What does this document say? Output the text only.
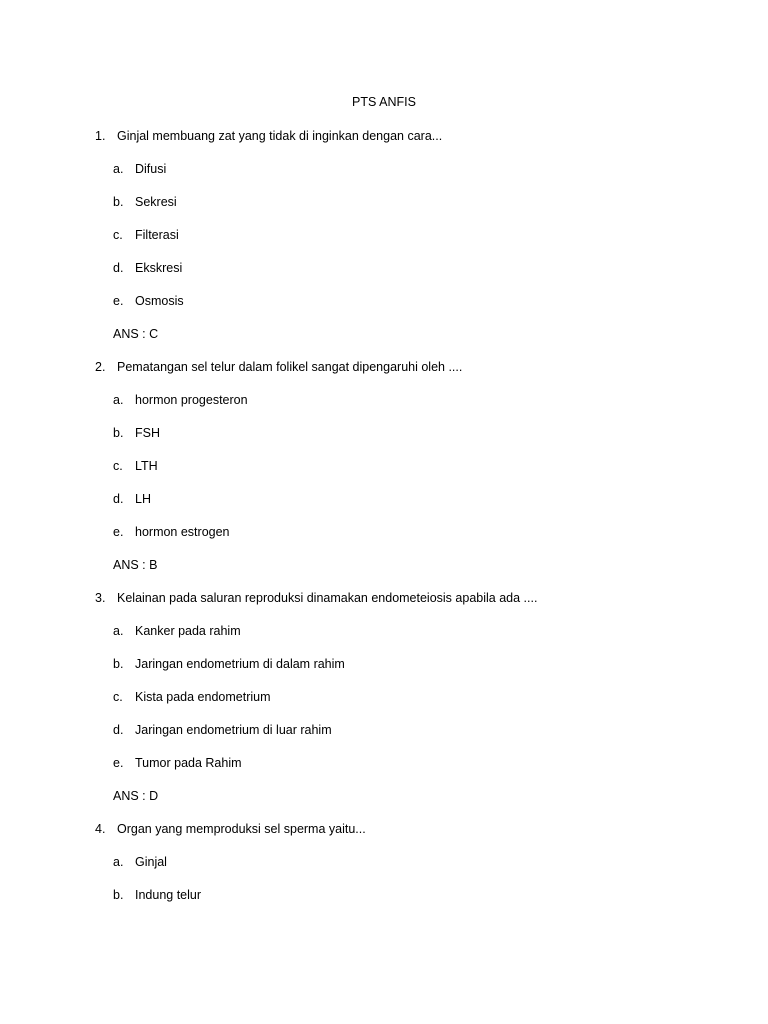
PTS ANFIS
1. Ginjal membuang zat yang tidak di inginkan dengan cara...
a. Difusi
b. Sekresi
c. Filterasi
d. Ekskresi
e. Osmosis
ANS : C
2. Pematangan sel telur dalam folikel sangat dipengaruhi oleh ....
a. hormon progesteron
b. FSH
c. LTH
d. LH
e. hormon estrogen
ANS : B
3. Kelainan pada saluran reproduksi dinamakan endometeiosis apabila ada ....
a. Kanker pada rahim
b. Jaringan endometrium di dalam rahim
c. Kista pada endometrium
d. Jaringan endometrium di luar rahim
e. Tumor pada Rahim
ANS : D
4. Organ yang memproduksi sel sperma yaitu...
a. Ginjal
b. Indung telur
